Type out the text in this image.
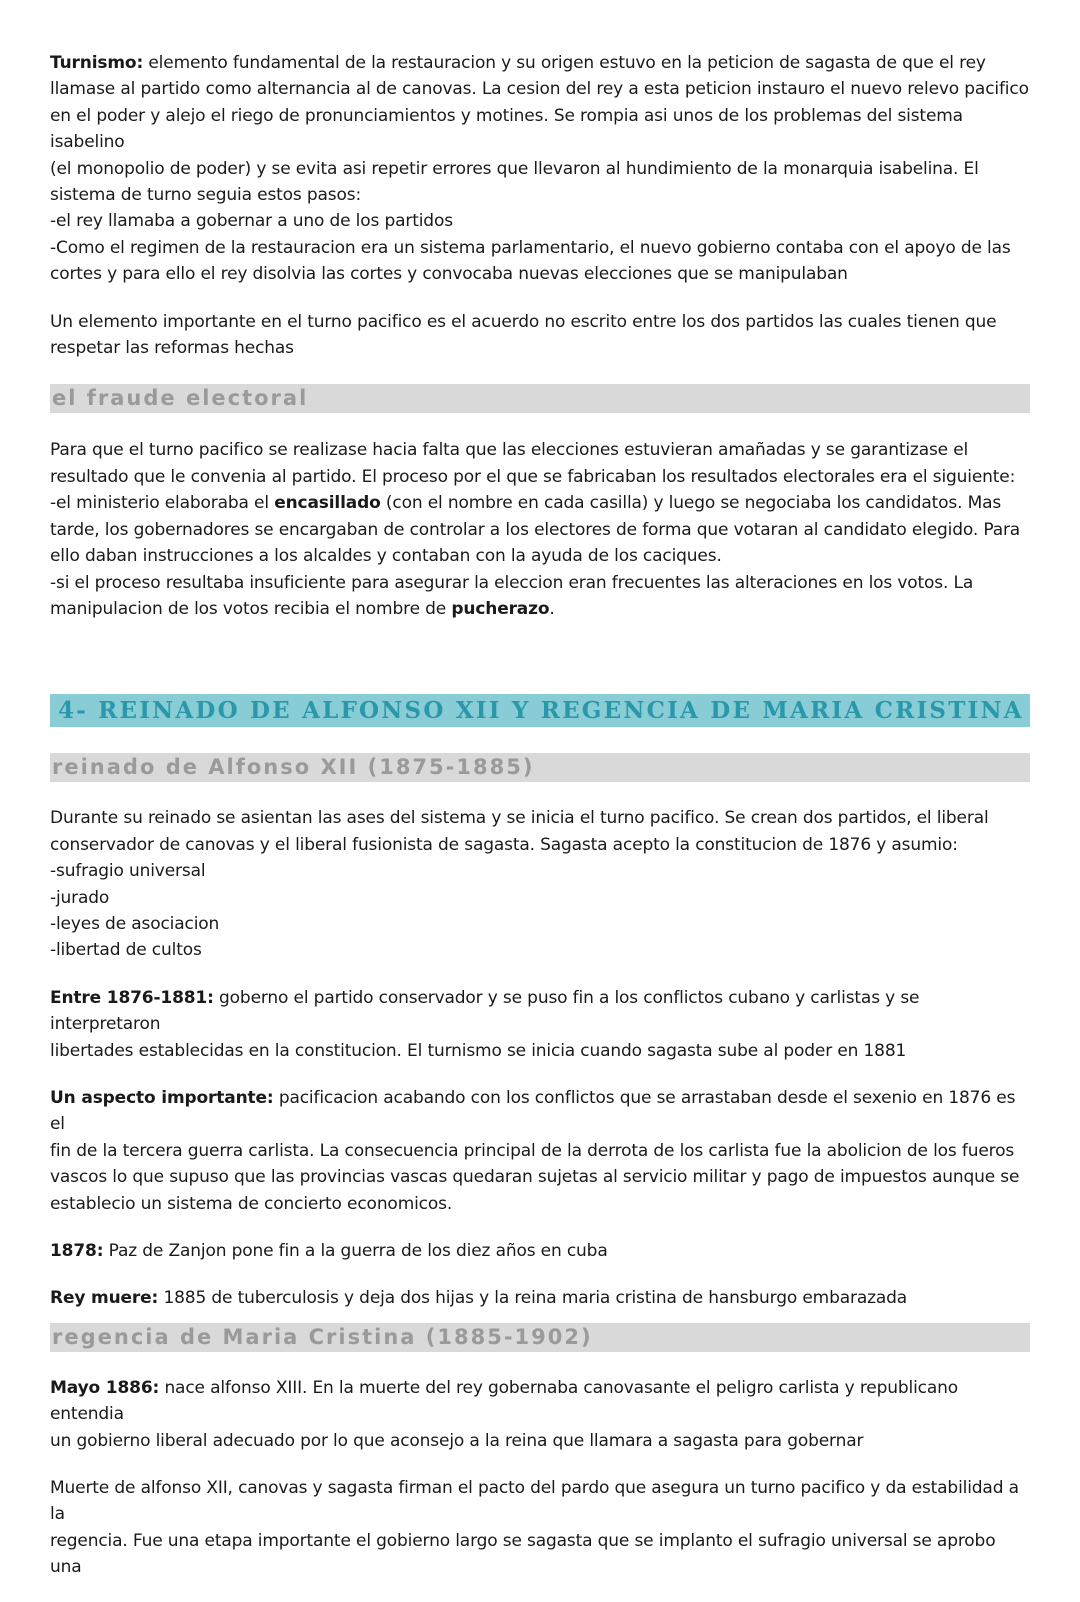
Turnismo: elemento fundamental de la restauracion y su origen estuvo en la peticion de sagasta de que el rey
llamase al partido como alternancia al de canovas. La cesion del rey a esta peticion instauro el nuevo relevo pacifico
en el poder y alejo el riego de pronunciamientos y motines. Se rompia asi unos de los problemas del sistema isabelino
(el monopolio de poder) y se evita asi repetir errores que llevaron al hundimiento de la monarquia isabelina. El
sistema de turno seguia estos pasos:
-el rey llamaba a gobernar a uno de los partidos
-Como el regimen de la restauracion era un sistema parlamentario, el nuevo gobierno contaba con el apoyo de las
cortes y para ello el rey disolvia las cortes y convocaba nuevas elecciones que se manipulaban

Un elemento importante en el turno pacifico es el acuerdo no escrito entre los dos partidos las cuales tienen que
respetar las reformas hechas

el fraude electoral

Para que el turno pacifico se realizase hacia falta que las elecciones estuvieran amañadas y se garantizase el
resultado que le convenia al partido. El proceso por el que se fabricaban los resultados electorales era el siguiente:
-el ministerio elaboraba el encasillado (con el nombre en cada casilla) y luego se negociaba los candidatos. Mas
tarde, los gobernadores se encargaban de controlar a los electores de forma que votaran al candidato elegido. Para
ello daban instrucciones a los alcaldes y contaban con la ayuda de los caciques.
-si el proceso resultaba insuficiente para asegurar la eleccion eran frecuentes las alteraciones en los votos. La
manipulacion de los votos recibia el nombre de pucherazo.

4- REINADO DE ALFONSO XII Y REGENCIA DE MARIA CRISTINA
reinado de Alfonso XII (1875-1885)

Durante su reinado se asientan las ases del sistema y se inicia el turno pacifico. Se crean dos partidos, el liberal
conservador de canovas y el liberal fusionista de sagasta. Sagasta acepto la constitucion de 1876 y asumio:
-sufragio universal
-jurado
-leyes de asociacion
-libertad de cultos

Entre 1876-1881: goberno el partido conservador y se puso fin a los conflictos cubano y carlistas y se interpretaron
libertades establecidas en la constitucion. El turnismo se inicia cuando sagasta sube al poder en 1881

Un aspecto importante: pacificacion acabando con los conflictos que se arrastaban desde el sexenio en 1876 es el
fin de la tercera guerra carlista. La consecuencia principal de la derrota de los carlista fue la abolicion de los fueros
vascos lo que supuso que las provincias vascas quedaran sujetas al servicio militar y pago de impuestos aunque se
establecio un sistema de concierto economicos.

1878: Paz de Zanjon pone fin a la guerra de los diez años en cuba

Rey muere: 1885 de tuberculosis y deja dos hijas y la reina maria cristina de hansburgo embarazada

regencia de Maria Cristina (1885-1902)

Mayo 1886: nace alfonso XIII. En la muerte del rey gobernaba canovasante el peligro carlista y republicano entendia
un gobierno liberal adecuado por lo que aconsejo a la reina que llamara a sagasta para gobernar

Muerte de alfonso XII, canovas y sagasta firman el pacto del pardo que asegura un turno pacifico y da estabilidad a la
regencia. Fue una etapa importante el gobierno largo se sagasta que se implanto el sufragio universal se aprobo una
